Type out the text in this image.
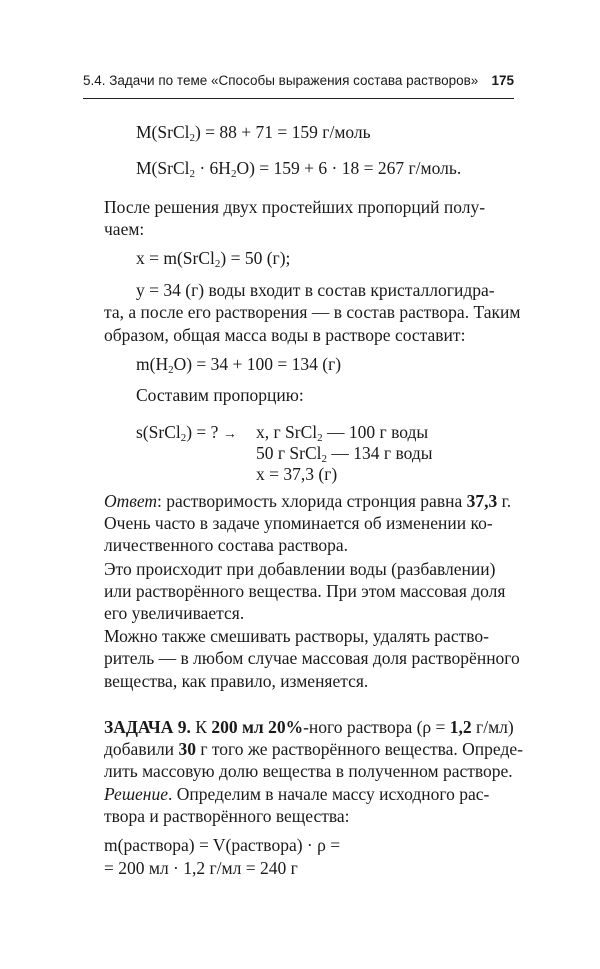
5.4. Задачи по теме «Способы выражения состава растворов» 175
M(SrCl$_2$) = 88 + 71 = 159 г/моль
M(SrCl$_2$ · $6H_2O) = 159 + 6 \cdot 18 = 267$ г/моль.
После решения двух простейших пропорций полу-
чаем:
x = m(SrCl$_2$) = 50 (г);
y = 34 (г) воды входит в состав кристаллогидра-
та, а после его растворения — в состав раствора. Таким
образом, общая масса воды в растворе составит:
$m(H_2O) = 34 + 100 = 134$ (г)
Составим пропорцию:
s(SrCl$_2$) = ? → x, г SrCl$_2$ — 100 г воды
50 г SrCl$_2$ — 134 г воды
x = 37,3 (г)
Ответ: растворимость хлорида стронция равна 37,3 г.
Очень часто в задаче упоминается об изменении ко-
личественного состава раствора.
Это происходит при добавлении воды (разбавлении)
или растворённого вещества. При этом массовая доля
его увеличивается.
Можно также смешивать растворы, удалять раство-
ритель — в любом случае массовая доля растворённого
вещества, как правило, изменяется.
ЗАДАЧА 9. К 200 мл 20%-ного раствора (ρ = 1,2 г/мл)
добавили 30 г того же растворённого вещества. Опреде-
лить массовую долю вещества в полученном растворе.
Решение. Определим в начале массу исходного рас-
твора и растворённого вещества:
m(раствора) = V(раствора) · ρ =
= 200 мл · 1,2 г/мл = 240 г
